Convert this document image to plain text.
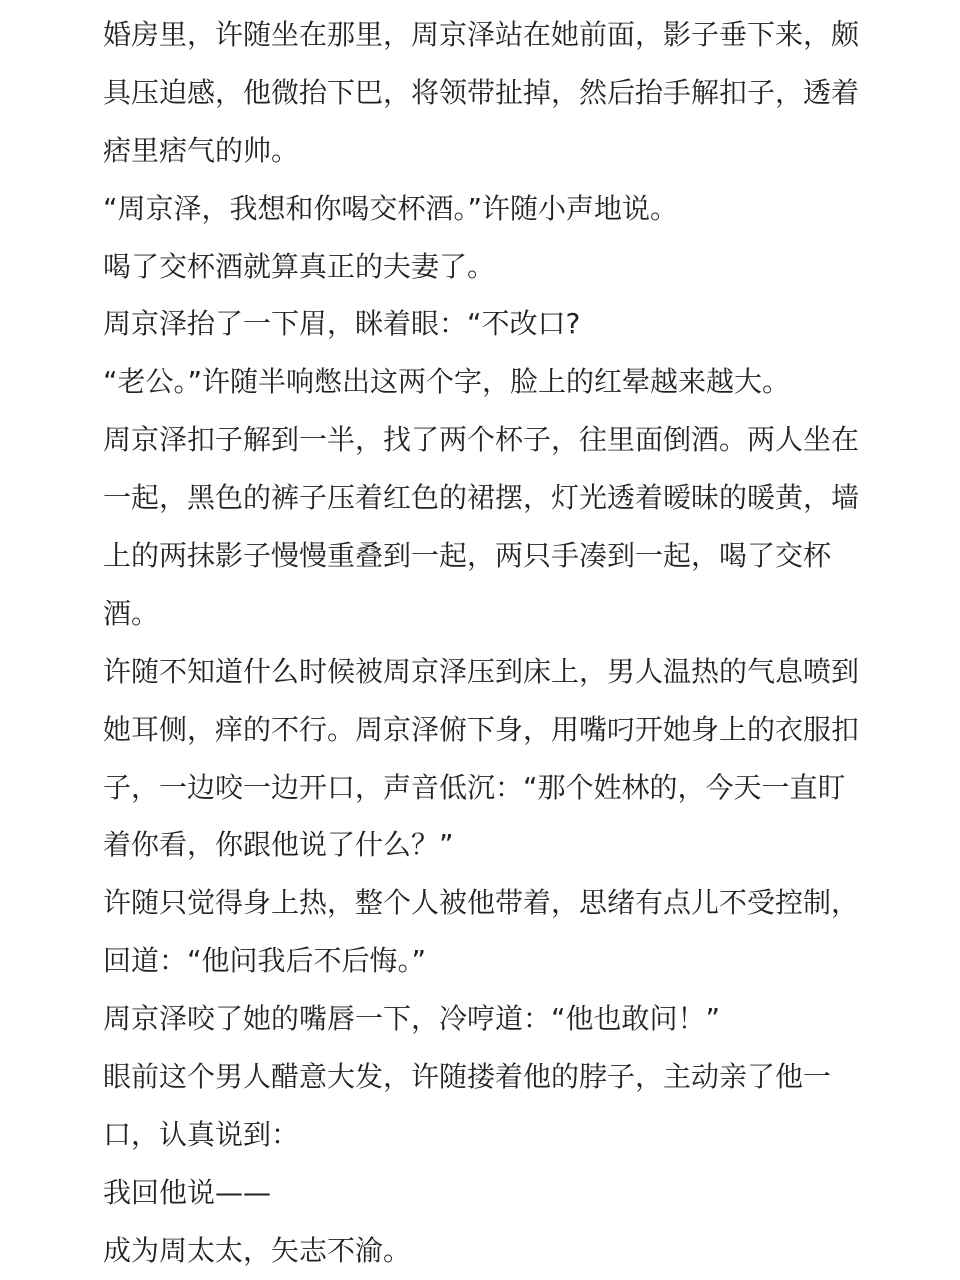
婚房里，许随坐在那里，周京泽站在她前面，影子垂下来，颇
具压迫感，他微抬下巴，将领带扯掉，然后抬手解扣子，透着
痞里痞气的帅。
“周京泽，我想和你喝交杯酒。”许随小声地说。
喝了交杯酒就算真正的夫妻了。
周京泽抬了一下眉，眯着眼：“不改口?
“老公。”许随半响憋出这两个字，脸上的红晕越来越大。
周京泽扣子解到一半，找了两个杯子，往里面倒酒。两人坐在
一起，黑色的裤子压着红色的裙摆，灯光透着暧昧的暖黄，墙
上的两抹影子慢慢重叠到一起，两只手凑到一起，喝了交杯
酒。
许随不知道什么时候被周京泽压到床上，男人温热的气息喷到
她耳侧，痒的不行。周京泽俯下身，用嘴叼开她身上的衣服扣
子，一边咬一边开口，声音低沉：“那个姓林的，今天一直盯
着你看，你跟他说了什么？”
许随只觉得身上热，整个人被他带着，思绪有点儿不受控制，
回道：“他问我后不后悔。”
周京泽咬了她的嘴唇一下，冷哼道：“他也敢问！”
眼前这个男人醋意大发，许随搂着他的脖子，主动亲了他一
口，认真说到：
我回他说——
成为周太太，矢志不渝。
